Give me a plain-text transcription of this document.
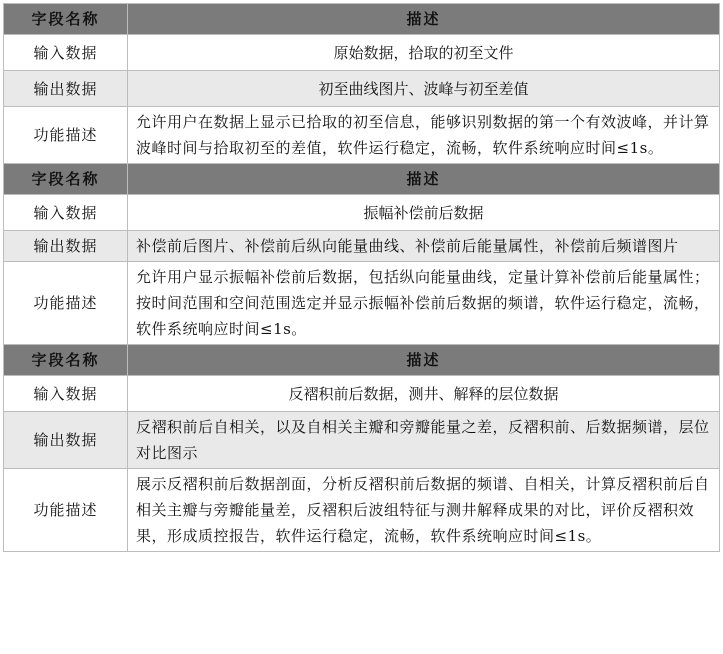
字段名称	描述
输入数据	原始数据，拾取的初至文件
输出数据	初至曲线图片、波峰与初至差值
功能描述	允许用户在数据上显示已拾取的初至信息，能够识别数据的第一个有效波峰，并计算波峰时间与拾取初至的差值，软件运行稳定，流畅，软件系统响应时间≤1s。
字段名称	描述
输入数据	振幅补偿前后数据
输出数据	补偿前后图片、补偿前后纵向能量曲线、补偿前后能量属性，补偿前后频谱图片
功能描述	允许用户显示振幅补偿前后数据，包括纵向能量曲线，定量计算补偿前后能量属性；按时间范围和空间范围选定并显示振幅补偿前后数据的频谱，软件运行稳定，流畅，软件系统响应时间≤1s。
字段名称	描述
输入数据	反褶积前后数据，测井、解释的层位数据
输出数据	反褶积前后自相关，以及自相关主瓣和旁瓣能量之差，反褶积前、后数据频谱，层位对比图示
功能描述	展示反褶积前后数据剖面，分析反褶积前后数据的频谱、自相关，计算反褶积前后自相关主瓣与旁瓣能量差，反褶积后波组特征与测井解释成果的对比，评价反褶积效果，形成质控报告，软件运行稳定，流畅，软件系统响应时间≤1s。
